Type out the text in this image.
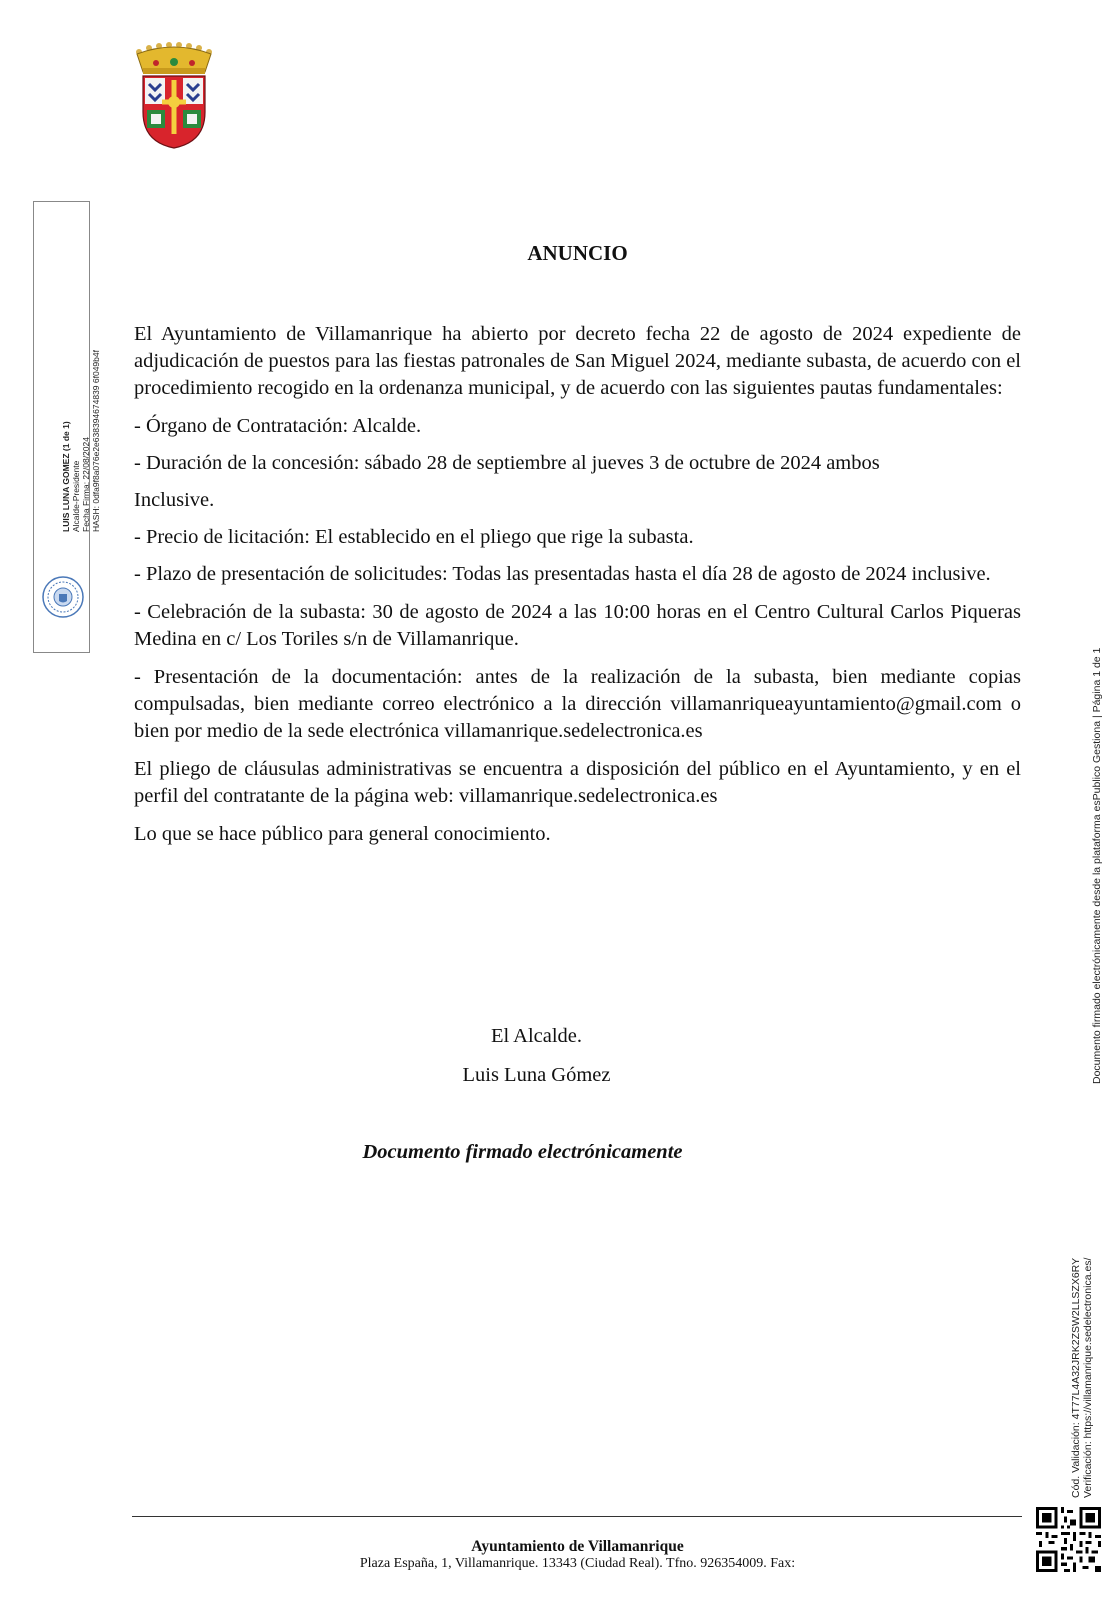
LUIS LUNA GOMEZ (1 de 1) Alcalde-Presidente Fecha Firma: 22/08/2024 HASH: 0dfa9f8a076e2e638394674839 6f049b4f
ANUNCIO

El Ayuntamiento de Villamanrique ha abierto por decreto fecha 22 de agosto de 2024 expediente de adjudicación de puestos para las fiestas patronales de San Miguel 2024, mediante subasta, de acuerdo con el procedimiento recogido en la ordenanza municipal, y de acuerdo con las siguientes pautas fundamentales:

- Órgano de Contratación: Alcalde.

- Duración de la concesión: sábado 28 de septiembre al jueves 3 de octubre de 2024 ambos

Inclusive.

- Precio de licitación: El establecido en el pliego que rige la subasta.

- Plazo de presentación de solicitudes: Todas las presentadas hasta el día 28 de agosto de 2024 inclusive.

- Celebración de la subasta: 30 de agosto de 2024 a las 10:00 horas en el Centro Cultural Carlos Piqueras Medina en c/ Los Toriles s/n de Villamanrique.

- Presentación de la documentación: antes de la realización de la subasta, bien mediante copias compulsadas, bien mediante correo electrónico a la dirección villamanriqueayuntamiento@gmail.com o bien por medio de la sede electrónica villamanrique.sedelectronica.es

El pliego de cláusulas administrativas se encuentra a disposición del público en el Ayuntamiento, y en el perfil del contratante de la página web: villamanrique.sedelectronica.es

Lo que se hace público para general conocimiento.

El Alcalde.
Luis Luna Gómez
Documento firmado electrónicamente
Cód. Validación: 4T77L4A32JRK2ZSW2LLSZX6RY Verificación: https://villamanrique.sedelectronica.es/
Documento firmado electrónicamente desde la plataforma esPublico Gestiona | Página 1 de 1
Ayuntamiento de Villamanrique
Plaza España, 1, Villamanrique. 13343 (Ciudad Real). Tfno. 926354009. Fax:
